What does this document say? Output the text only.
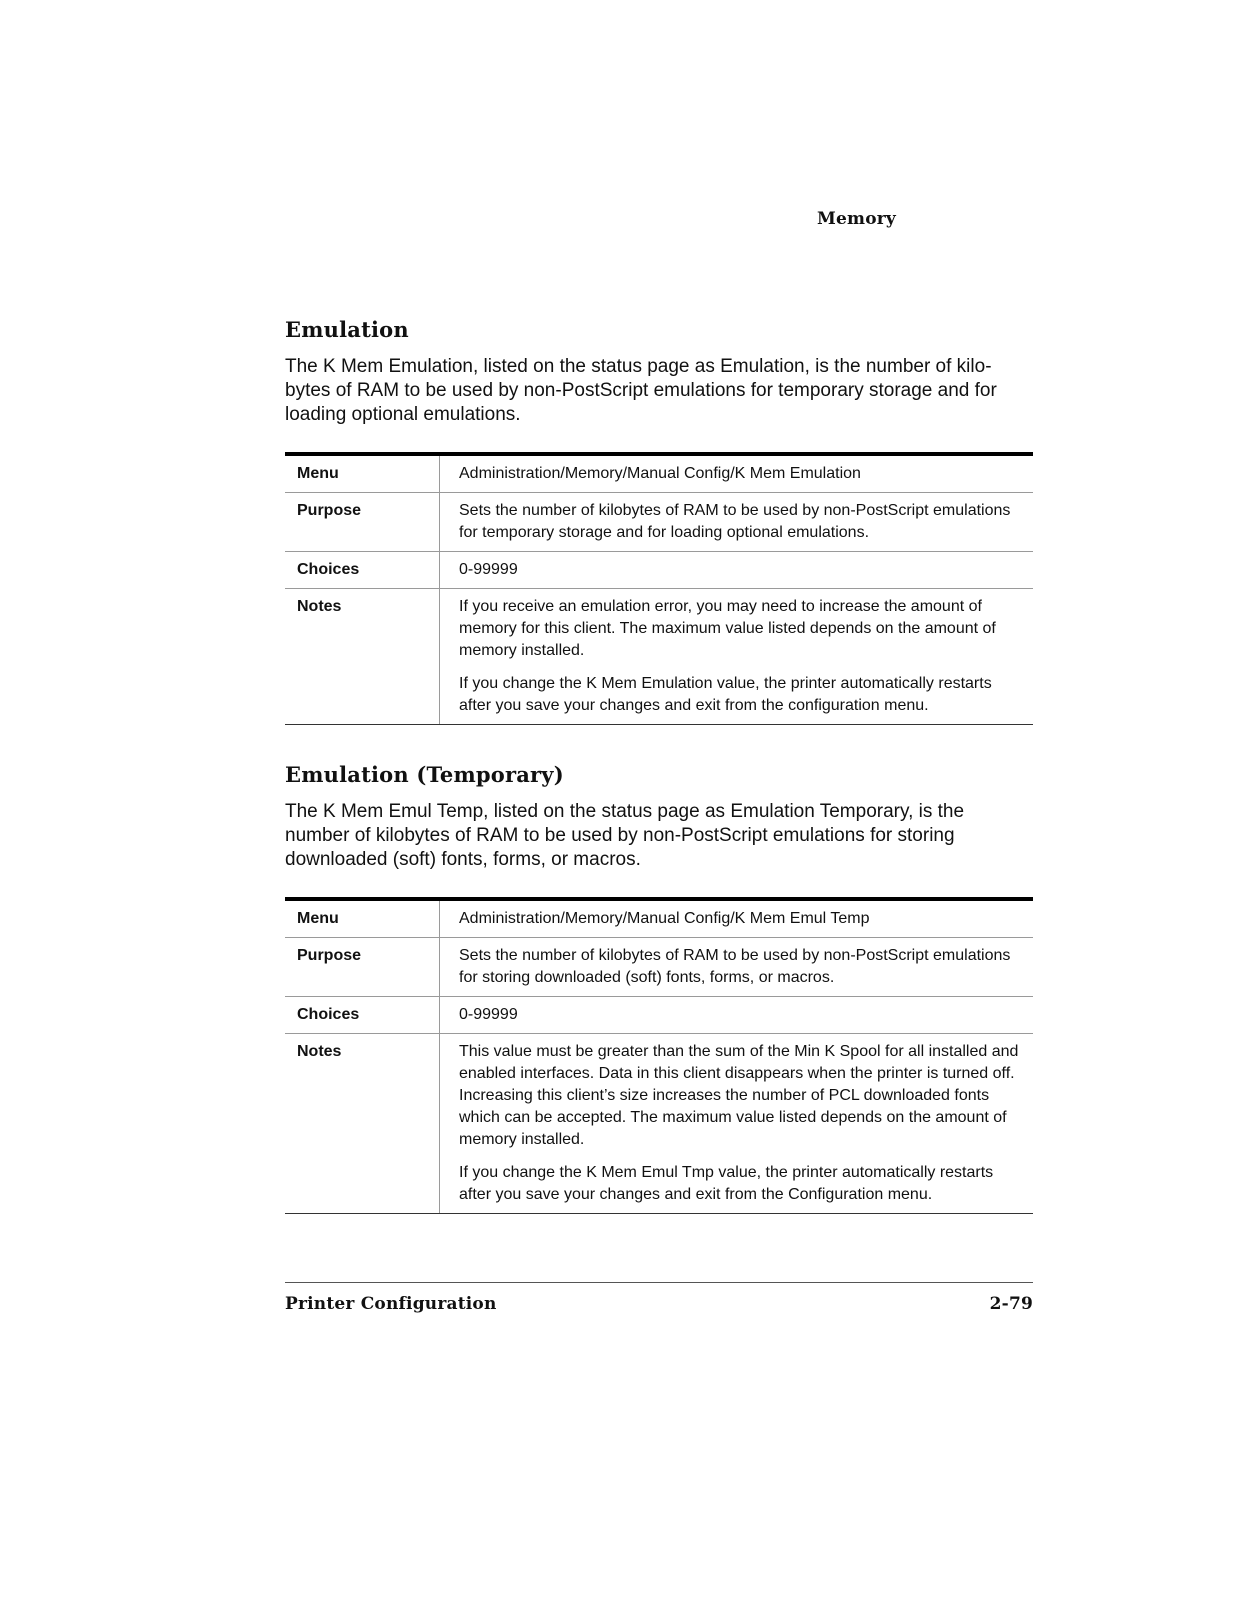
Memory
Emulation

The K Mem Emulation, listed on the status page as Emulation, is the number of kilo-bytes of RAM to be used by non-PostScript emulations for temporary storage and for loading optional emulations.

Menu	Administration/Memory/Manual Config/K Mem Emulation
Purpose	Sets the number of kilobytes of RAM to be used by non-PostScript emulations for temporary storage and for loading optional emulations.
Choices	0-99999
Notes	If you receive an emulation error, you may need to increase the amount of memory for this client. The maximum value listed depends on the amount of memory installed.

If you change the K Mem Emulation value, the printer automatically restarts after you save your changes and exit from the configuration menu.

Emulation (Temporary)

The K Mem Emul Temp, listed on the status page as Emulation Temporary, is the number of kilobytes of RAM to be used by non-PostScript emulations for storing downloaded (soft) fonts, forms, or macros.

Menu	Administration/Memory/Manual Config/K Mem Emul Temp
Purpose	Sets the number of kilobytes of RAM to be used by non-PostScript emulations for storing downloaded (soft) fonts, forms, or macros.
Choices	0-99999
Notes	This value must be greater than the sum of the Min K Spool for all installed and enabled interfaces. Data in this client disappears when the printer is turned off. Increasing this client’s size increases the number of PCL downloaded fonts which can be accepted. The maximum value listed depends on the amount of memory installed.

If you change the K Mem Emul Tmp value, the printer automatically restarts after you save your changes and exit from the Configuration menu.

Printer Configuration	2-79
